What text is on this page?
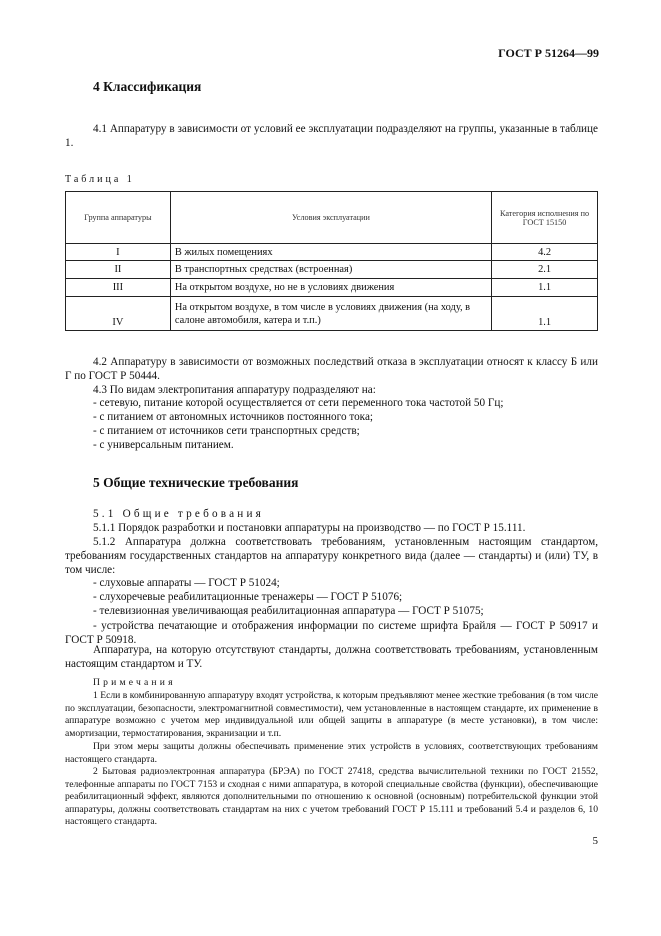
ГОСТ Р 51264—99
4 Классификация
4.1 Аппаратуру в зависимости от условий ее эксплуатации подразделяют на группы, указанные в таблице 1.
Таблица 1
Группа аппаратуры	Условия эксплуатации	Категория исполнения по ГОСТ 15150
I	В жилых помещениях	4.2
II	В транспортных средствах (встроенная)	2.1
III	На открытом воздухе, но не в условиях движения	1.1
IV	На открытом воздухе, в том числе в условиях движения (на ходу, в салоне автомобиля, катера и т.п.)	1.1
4.2 Аппаратуру в зависимости от возможных последствий отказа в эксплуатации относят к классу Б или Г по ГОСТ Р 50444.
4.3 По видам электропитания аппаратуру подразделяют на:
- сетевую, питание которой осуществляется от сети переменного тока частотой 50 Гц;
- с питанием от автономных источников постоянного тока;
- с питанием от источников сети транспортных средств;
- с универсальным питанием.
5 Общие технические требования
5.1 Общие требования
5.1.1 Порядок разработки и постановки аппаратуры на производство — по ГОСТ Р 15.111.
5.1.2 Аппаратура должна соответствовать требованиям, установленным настоящим стандартом, требованиям государственных стандартов на аппаратуру конкретного вида (далее — стандарты) и (или) ТУ, в том числе:
- слуховые аппараты — ГОСТ Р 51024;
- слухоречевые реабилитационные тренажеры — ГОСТ Р 51076;
- телевизионная увеличивающая реабилитационная аппаратура — ГОСТ Р 51075;
- устройства печатающие и отображения информации по системе шрифта Брайля — ГОСТ Р 50917 и ГОСТ Р 50918.
Аппаратура, на которую отсутствуют стандарты, должна соответствовать требованиям, установленным настоящим стандартом и ТУ.
Примечания
1 Если в комбинированную аппаратуру входят устройства, к которым предъявляют менее жесткие требования (в том числе по эксплуатации, безопасности, электромагнитной совместимости), чем установленные в настоящем стандарте, их применение в аппаратуре возможно с учетом мер индивидуальной или общей защиты в аппаратуре (в месте установки), в том числе: амортизации, термостатирования, экранизации и т.п.
При этом меры защиты должны обеспечивать применение этих устройств в условиях, соответствующих требованиям настоящего стандарта.
2 Бытовая радиоэлектронная аппаратура (БРЭА) по ГОСТ 27418, средства вычислительной техники по ГОСТ 21552, телефонные аппараты по ГОСТ 7153 и сходная с ними аппаратура, в которой специальные свойства (функции), обеспечивающие реабилитационный эффект, являются дополнительными по отношению к основной (основным) потребительской функции этой аппаратуры, должны соответствовать стандартам на них с учетом требований ГОСТ Р 15.111 и требований 5.4 и разделов 6, 10 настоящего стандарта.
5
